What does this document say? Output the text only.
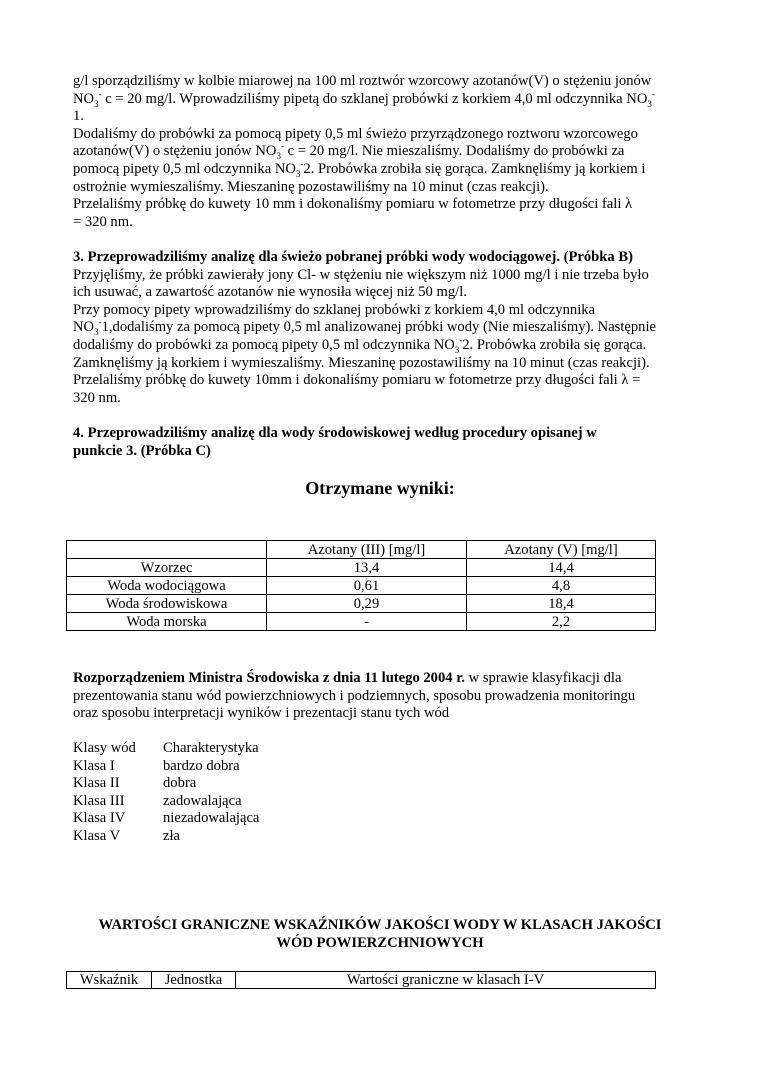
g/l sporządziliśmy w kolbie miarowej na 100 ml roztwór wzorcowy azotanów(V) o stężeniu jonów

$NO_3^-$ c = 20 mg/l. Wprowadziliśmy pipetą do szklanej probówki z korkiem 4,0 ml odczynnika $NO_3^-$

1.

Dodaliśmy do probówki za pomocą pipety 0,5 ml świeżo przyrządzonego roztworu wzorcowego

azotanów(V) o stężeniu jonów $NO_3^-$ c = 20 mg/l. Nie mieszaliśmy. Dodaliśmy do probówki za

pomocą pipety 0,5 ml odczynnika $NO_3^-2$. Probówka zrobiła się gorąca. Zamknęliśmy ją korkiem i

ostrożnie wymieszaliśmy. Mieszaninę pozostawiliśmy na 10 minut (czas reakcji).

Przelaliśmy próbkę do kuwety 10 mm i dokonaliśmy pomiaru w fotometrze przy długości fali λ

= 320 nm.

3. Przeprowadziliśmy analizę dla świeżo pobranej próbki wody wodociągowej. (Próbka B)

Przyjęliśmy, że próbki zawierały jony Cl- w stężeniu nie większym niż 1000 mg/l i nie trzeba było

ich usuwać, a zawartość azotanów nie wynosiła więcej niż 50 mg/l.

Przy pomocy pipety wprowadziliśmy do szklanej probówki z korkiem 4,0 ml odczynnika

$NO_3^-1,dodaliśmy$ za pomocą pipety 0,5 ml analizowanej próbki wody (Nie mieszaliśmy). Następnie

dodaliśmy do probówki za pomocą pipety 0,5 ml odczynnika $NO_3^-2$. Probówka zrobiła się gorąca.

Zamknęliśmy ją korkiem i wymieszaliśmy. Mieszaninę pozostawiliśmy na 10 minut (czas reakcji).

Przelaliśmy próbkę do kuwety 10mm i dokonaliśmy pomiaru w fotometrze przy długości fali λ =

320 nm.

4. Przeprowadziliśmy analizę dla wody środowiskowej według procedury opisanej w

punkcie 3. (Próbka C)

Otrzymane wyniki:
	Azotany (III) [mg/l]	Azotany (V) [mg/l]
Wzorzec	13,4	14,4
Woda wodociągowa	0,61	4,8
Woda środowiskowa	0,29	18,4
Woda morska	-	2,2

Rozporządzeniem Ministra Środowiska z dnia 11 lutego 2004 r. w sprawie klasyfikacji dla

prezentowania stanu wód powierzchniowych i podziemnych, sposobu prowadzenia monitoringu

oraz sposobu interpretacji wyników i prezentacji stanu tych wód

Klasy wód	Charakterystyka
Klasa I	bardzo dobra
Klasa II	dobra
Klasa III	zadowalająca
Klasa IV	niezadowalająca
Klasa V	zła
WARTOŚCI GRANICZNE WSKAŹNIKÓW JAKOŚCI WODY W KLASACH JAKOŚCI
WÓD POWIERZCHNIOWYCH
Wskaźnik	Jednostka	Wartości graniczne w klasach I-V
